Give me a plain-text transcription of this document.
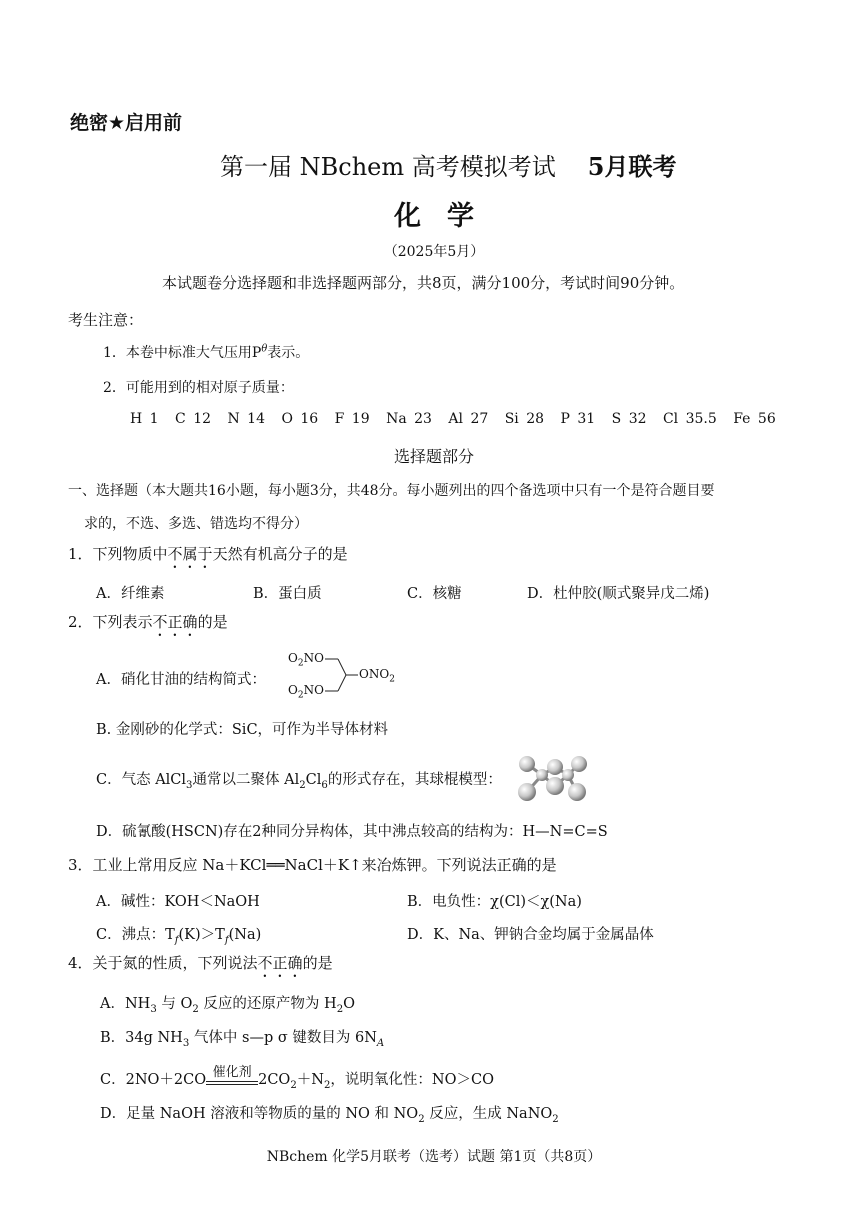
绝密★启用前
第一届 NBchem 高考模拟考试 5月联考
化学
（2025年5月）
本试题卷分选择题和非选择题两部分，共8页，满分100分，考试时间90分钟。
考生注意：
1．本卷中标准大气压用$P^\theta$表示。
2．可能用到的相对原子质量：
H 1 C 12 N 14 O 16 F 19 Na 23 Al 27 Si 28 P 31 S 32 Cl 35.5 Fe 56
选择题部分
一、选择题（本大题共16小题，每小题3分，共48分。每小题列出的四个备选项中只有一个是符合题目要
求的，不选、多选、错选均不得分）
1．下列物质中不属于天然有机高分子的是
A．纤维素	B．蛋白质	C．核糖	D．杜仲胶(顺式聚异戊二烯)
2．下列表示不正确的是
A．硝化甘油的结构简式：
$O_2NO$
$O_2NO$
$ONO_2$
B. 金刚砂的化学式：SiC，可作为半导体材料
C．气态 AlCl$_3$通常以二聚体 $Al_2Cl_6$的形式存在，其球棍模型：
D．硫氰酸(HSCN)存在2种同分异构体，其中沸点较高的结构为：H—N=C=S
3．工业上常用反应 Na＋KCl══NaCl＋K↑来冶炼钾。下列说法正确的是
A．碱性：KOH＜NaOH	B．电负性：χ(Cl)＜χ(Na)
C．沸点：$T_f(K)>T_f(Na)$	D．K、Na、钾钠合金均属于金属晶体
4．关于氮的性质，下列说法不正确的是
A．$NH_3$ 与 $O_2$ 反应的还原产物为 $H_2O$
B．34g $NH_3$ 气体中 s—p σ 键数目为 $6N_A$
C．2NO＋2CO 催化剂 $2CO_2+N_2$，说明氧化性：NO＞CO
D．足量 NaOH 溶液和等物质的量的 NO 和 $NO_2$ 反应，生成 NaNO$_2$
NBchem 化学5月联考（选考）试题 第1页（共8页）
